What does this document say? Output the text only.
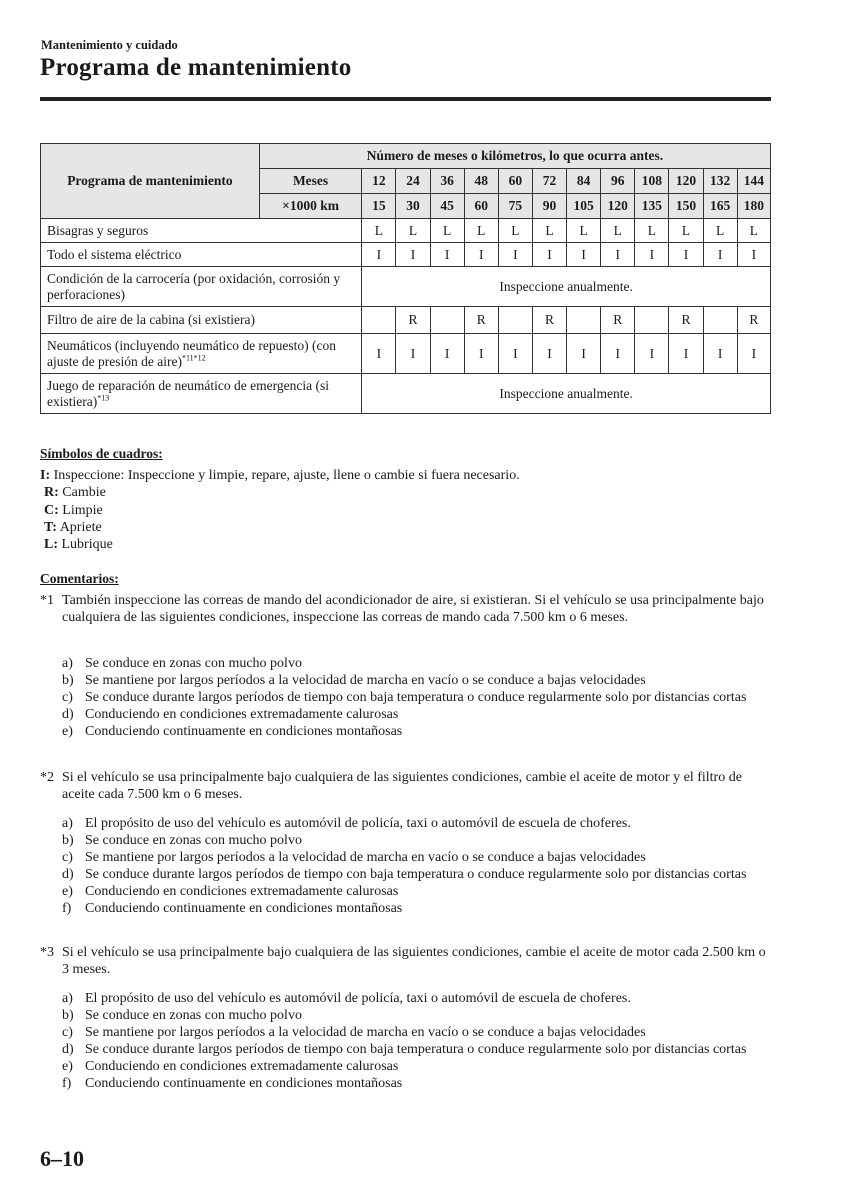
Mantenimiento y cuidado
Programa de mantenimiento
Programa de mantenimiento	Número de meses o kilómetros, lo que ocurra antes.												
	Meses	12	24	36	48	60	72	84	96	108	120	132	144
	×1000 km	15	30	45	60	75	90	105	120	135	150	165	180
Bisagras y seguros		L	L	L	L	L	L	L	L	L	L	L	L
Todo el sistema eléctrico		I	I	I	I	I	I	I	I	I	I	I	I
Condición de la carrocería (por oxidación, corrosión y perforaciones)		Inspeccione anualmente.											
Filtro de aire de la cabina (si existiera)			R		R		R		R		R		R
Neumáticos (incluyendo neumático de repuesto) (con ajuste de presión de aire)$^{*11*12}$		I	I	I	I	I	I	I	I	I	I	I	I
Juego de reparación de neumático de emergencia (si existiera)$^{*13}$		Inspeccione anualmente.											
Símbolos de cuadros:
I: Inspeccione: Inspeccione y limpie, repare, ajuste, llene o cambie si fuera necesario.
R: Cambie
C: Limpie
T: Apriete
L: Lubrique
Comentarios:
*1 También inspeccione las correas de mando del acondicionador de aire, si existieran. Si el vehículo se usa principalmente bajo cualquiera de las siguientes condiciones, inspeccione las correas de mando cada 7.500 km o 6 meses.
a) Se conduce en zonas con mucho polvo
b) Se mantiene por largos períodos a la velocidad de marcha en vacío o se conduce a bajas velocidades
c) Se conduce durante largos períodos de tiempo con baja temperatura o conduce regularmente solo por distancias cortas
d) Conduciendo en condiciones extremadamente calurosas
e) Conduciendo continuamente en condiciones montañosas
*2 Si el vehículo se usa principalmente bajo cualquiera de las siguientes condiciones, cambie el aceite de motor y el filtro de aceite cada 7.500 km o 6 meses.
a) El propósito de uso del vehículo es automóvil de policía, taxi o automóvil de escuela de choferes.
b) Se conduce en zonas con mucho polvo
c) Se mantiene por largos períodos a la velocidad de marcha en vacío o se conduce a bajas velocidades
d) Se conduce durante largos períodos de tiempo con baja temperatura o conduce regularmente solo por distancias cortas
e) Conduciendo en condiciones extremadamente calurosas
f) Conduciendo continuamente en condiciones montañosas
*3 Si el vehículo se usa principalmente bajo cualquiera de las siguientes condiciones, cambie el aceite de motor cada 2.500 km o 3 meses.
a) El propósito de uso del vehículo es automóvil de policía, taxi o automóvil de escuela de choferes.
b) Se conduce en zonas con mucho polvo
c) Se mantiene por largos períodos a la velocidad de marcha en vacío o se conduce a bajas velocidades
d) Se conduce durante largos períodos de tiempo con baja temperatura o conduce regularmente solo por distancias cortas
e) Conduciendo en condiciones extremadamente calurosas
f) Conduciendo continuamente en condiciones montañosas
6–10
